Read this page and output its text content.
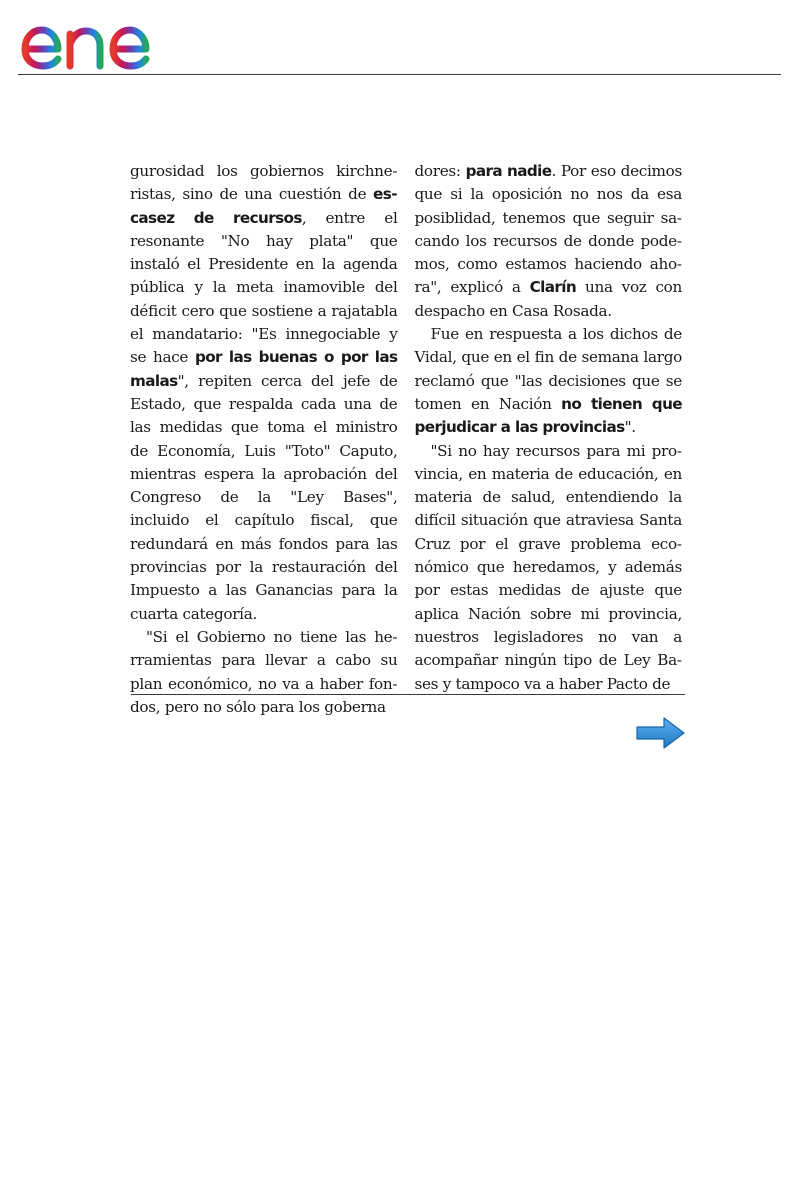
gurosidad los gobiernos kirchneristas, sino de una cuestión de escasez de recursos, entre el resonante "No hay plata" que instaló el Presidente en la agenda pública y la meta inamovible del déficit cero que sostiene a rajatabla el mandatario: "Es innegociable y se hace por las buenas o por las malas", repiten cerca del jefe de Estado, que respalda cada una de las medidas que toma el ministro de Economía, Luis "Toto" Caputo, mientras espera la aprobación del Congreso de la "Ley Bases", incluido el capítulo fiscal, que redundará en más fondos para las provincias por la restauración del Impuesto a las Ganancias para la cuarta categoría.

"Si el Gobierno no tiene las herramientas para llevar a cabo su plan económico, no va a haber fondos, pero no sólo para los goberna

dores: para nadie. Por eso decimos que si la oposición no nos da esa posiblidad, tenemos que seguir sacando los recursos de donde podemos, como estamos haciendo ahora", explicó a Clarín una voz con despacho en Casa Rosada.

Fue en respuesta a los dichos de Vidal, que en el fin de semana largo reclamó que "las decisiones que se tomen en Nación no tienen que perjudicar a las provincias".

"Si no hay recursos para mi provincia, en materia de educación, en materia de salud, entendiendo la difícil situación que atraviesa Santa Cruz por el grave problema económico que heredamos, y además por estas medidas de ajuste que aplica Nación sobre mi provincia, nuestros legisladores no van a acompañar ningún tipo de Ley Bases y tampoco va a haber Pacto de
